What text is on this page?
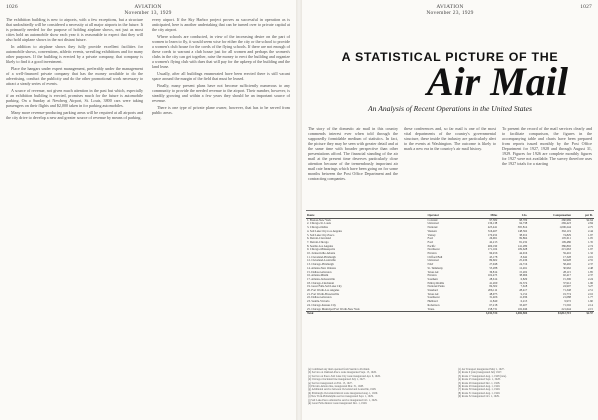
1026	AVIATION
November 13, 1929

The exhibition building is new to airports, with a few exceptions, but a structure that undoubtedly will be considered a necessity at all major airports in the future. It is primarily needed for the purpose of holding airplane shows, not just as most cities hold an automobile show each year it is reasonable to expect that they will also hold airplane shows in the not distant future.

In addition to airplane shows they fully provide excellent facilities for automobile shows, conventions, athletic events, wrestling exhibitions and for many other purposes. If the building is erected by a private company, that company is likely to find it a good investment.

Place the hangars under expert management, preferably under the management of a well-financed private company that has the money available to do the advertising, conduct the publicity and do the other promotional work necessary to attract a steady series of events.

A source of revenue, not given much attention in the past but which, especially if an exhibition building is erected, promises much for the future is automobile parking. On a Sunday at Newberg Airport, St. Louis, 3800 cars were taking passengers on their flights and $2,000 taken in for parking automobiles.

Many more revenue-producing parking areas will be required at all airports and the city drive to develop a new and greater source of revenue by means of parking.

every airport. If the Sky Harbor project proves as successful in operation as is anticipated, here is another undertaking that can be turned over to private capital at the city airport.

Where schools are conducted, in view of the increasing desire on the part of women to learn to fly, it would seem wise for either the city or the school to provide a women's club house for the coeds of the flying schools. If there are not enough of these coeds to warrant a club house just for all women and perhaps the women's clubs in the city can get together, raise the money to erect the building and organize a women's flying club with dues that will pay for the upkeep of the building and the land lease.

Usually, after all buildings enumerated have been erected there is still vacant space around the margin of the field that must be leased.

Finally, many present plans have not become sufficiently numerous to any community to provide the needed revenue to the airport. Their number, however, is steadily growing and within a few years they should be an important source of revenue.

There is one type of private plane owner, however, that has to be served from public areas.

AVIATION
November 23, 1929
1027
A STATISTICAL PICTURE OF THE
Air Mail
An Analysis of Recent Operations in the United States

The story of the domestic air mail in this country commends interest ever when told through the supposedly formidable medium of statistics. In fact, the picture they may be seen with greater detail and at the same time with broader perspective than other presentations afford. The financial standing of the air mail at the present time deserves particularly close attention because of the tremendously important air mail rate hearings which have been going on for some months between the Post Office Department and the contracting companies.

these conferences and, so far mail is one of the most vital departments of the country's governmental structure, these inside the industry are particularly alert to the events at Washington. The outcome is likely to mark a new era in the country's air mail history.

To present the record of the mail services clearly and to facilitate comparison, the figures in the accompanying table and charts have been prepared from reports issued monthly by the Post Office Department for 1927, 1928 and through August 31, 1929. Figures for 1926 are complete monthly figures for 1927 were not available. The survey therefore uses the 1927 totals for a starting

Route	Operator	Miles	Lbs.	Compensation	per lb.
1. Boston-New York	Colonial	97,382	98,709	260,969	$2.64
2. Chicago-St. Louis	Universal	136,138	94,738	269,423	2.84
3. Chicago-Dallas	National	423,441	365,814	1,006,244	2.75
4. Salt Lake City-Los Angeles	Western	316,467	148,562	362,119	2.44
5. Salt Lake City-Pasco	Varney	170,452	38,012	74,829	1.97
6. Detroit-Cleveland	Ford	26,961	99,864	105,011	1.05
7. Detroit-Chicago	Ford	42,213	81,232	109,486	1.35
8. Seattle-Los Angeles	Pacific	469,190	141,289	386,802	2.74
9. Chicago-Minneapolis	Northwest	171,104	109,628	215,663	1.97
10. Jacksonville-Atlanta	Pitcairn	99,456	44,916	59,416	1.32
11. Cleveland-Pittsburgh	Clifford Ball	43,178	8,642	17,328	2.01
12. Cleveland-Louisville	Universal	89,602	25,436	64,928	2.55
13. Chicago-Pittsburgh	NAT	27,948	24,716	58,492	2.37
14. Atlanta-New Orleans	St. Tammany	53,288	12,491	30,962	2.48
15. Dallas-Galveston	Texas Air	36,814	15,202	28,115	1.85
16. Atlanta-Miami	Pitcairn	102,473	38,966	92,417	2.37
17. Atlanta-Jacksonville	Southern	28,614	6,829	15,306	2.24
18. Chicago-Cincinnati	Embry-Riddle	41,260	19,374	37,912	1.96
19. Great Falls-Salt Lake City	National Parks	84,302	7,618	24,907	3.27
20. Fort Worth-Los Angeles	Standard	206,112	28,417	71,348	2.51
21. Fort Worth-Brownsville	Texas Air	48,975	9,152	19,774	2.16
22. Dallas-Galveston	Southwest	31,406	11,936	21,088	1.77
23. Seattle-Victoria	Hubbard	11,840	6,213	9,972	1.60
24. Chicago-Kansas City	Robertson	67,218	33,407	71,502	2.14
25. Chicago Municipal Fort Worth-New York	Trans.	158,731	102,946	221,644	2.15
Total		3,011,724	1,482,504	$3,812,715	$2.57
(a) Combined any mail operated from Seattle to Portland.
(b) Service on Oakland-Pasco route inaugurated Sept. 15, 1926.
(c) Service on Pasco-Salt Lake City route inaugurated Apr. 6, 1926.
(d) Chicago-Cincinnati line inaugurated July 1, 1927.
(e) Service inaugurated on Feb. 15, 1927.
(f) Pitcairn-Atlanta line, inaugurated Mar. 31, 1928.
(g) Additional service between Cleveland and Louisville, 1928.
(h) Pittsburgh-Cleveland-Detroit route inaugurated Aug. 1, 1929.
(i) New York-Philadelphia service inaugurated Sept. 1, 1929.
(j) Salt Lake-Pasco Alternative service inaugurated Oct. 1, 1929.
(k) Great Falls-Denver route inaugurated Dec. 1, 1929.
(1) Air Transport inaugurated May 1, 1927.
(2) Route 9 (rate) inaugurated July 1927.
(3) Route 17 inaugurated Aug. 1, 1928 (rate).
(4) Route 25 inaugurated Sept. 1, 1928.
(5) Route 26 inaugurated Dec. 1, 1928.
(6) Route 29 inaugurated Aug. 1, 1929.
(7) Route 30 inaugurated Aug. 1, 1929.
(8) Route 31 inaugurated Aug. 1, 1929.
(9) Route 32 inaugurated Oct. 1, 1929.
